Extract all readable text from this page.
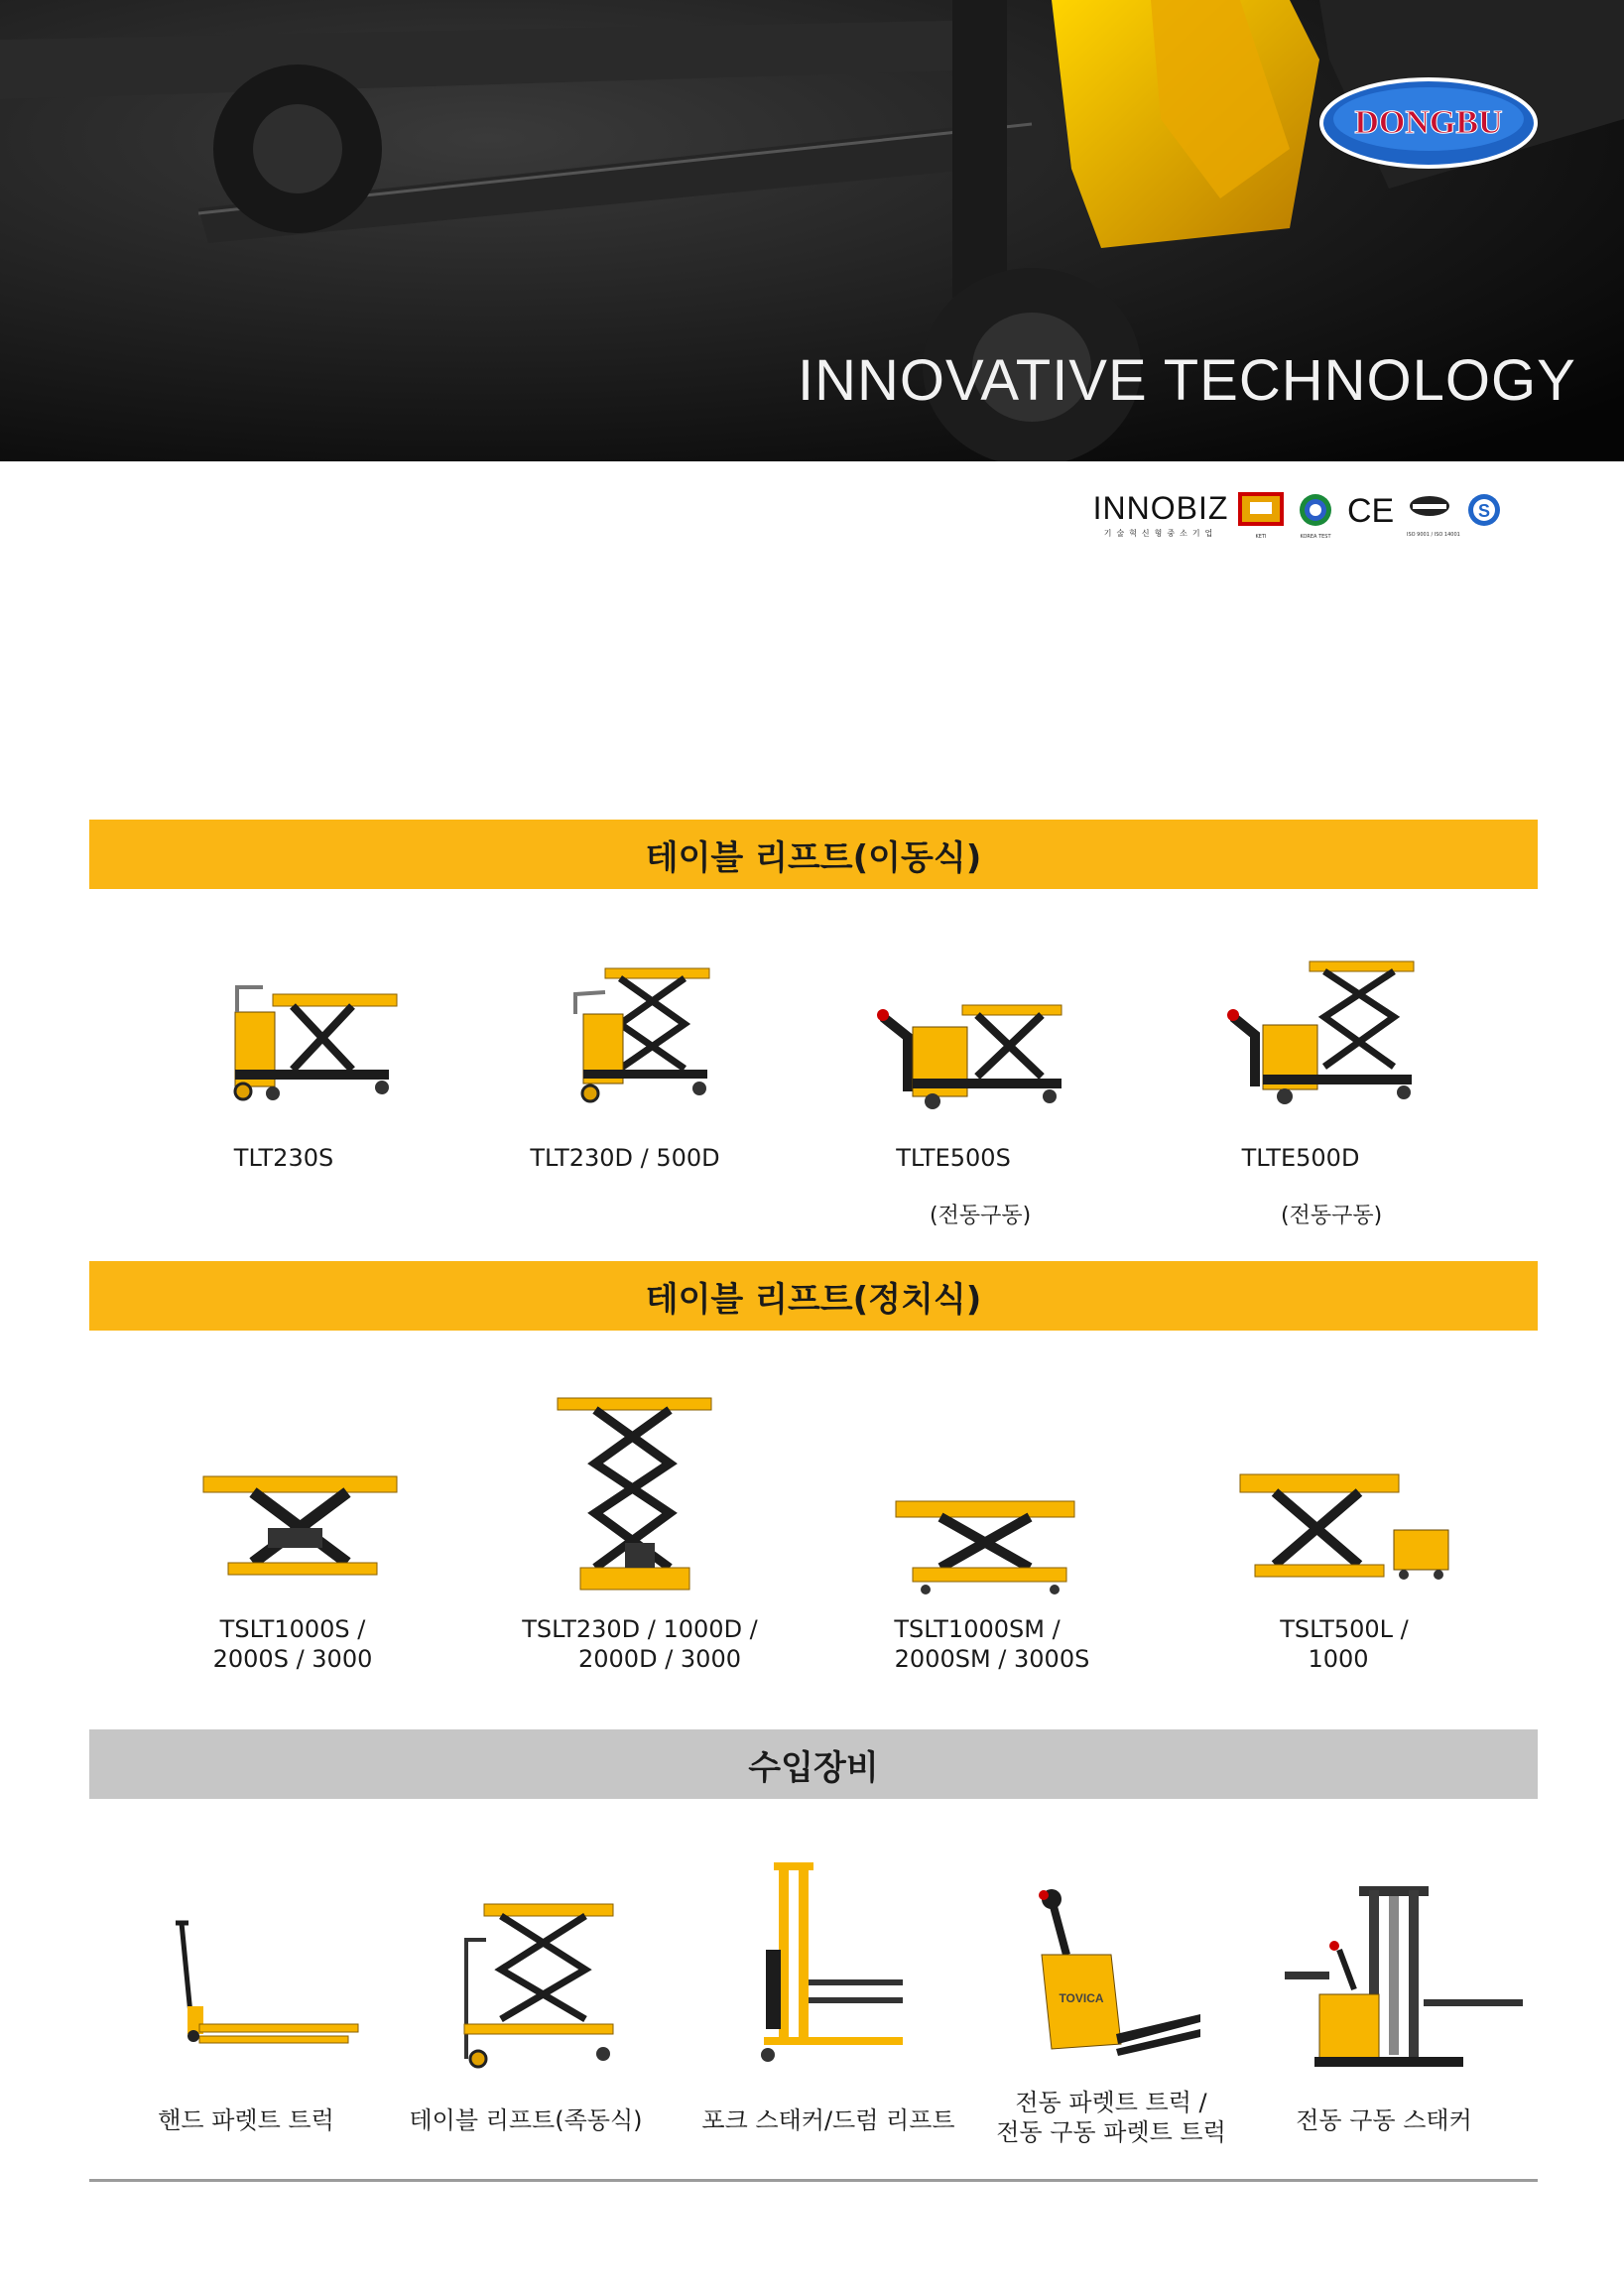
DONGBU
INNOVATIVE TECHNOLOGY
INNOBIZ
기술혁신형중소기업	KETI	KOREA TEST
CE
ISO 9001 / ISO 14001
S
테이블 리프트(이동식)
TLT230S	TLT230D / 500D	TLTE500S	TLTE500D
(전동구동)	(전동구동)
테이블 리프트(정치식)
TSLT1000S /
2000S / 3000
TSLT230D / 1000D /
2000D / 3000
TSLT1000SM /
2000SM / 3000S
TSLT500L /
1000
수입장비
TOVICA
핸드 파렛트 트럭	테이블 리프트(족동식)	포크 스태커/드럼 리프트
전동 파렛트 트럭 /
전동 구동 파렛트 트럭	전동 구동 스태커
